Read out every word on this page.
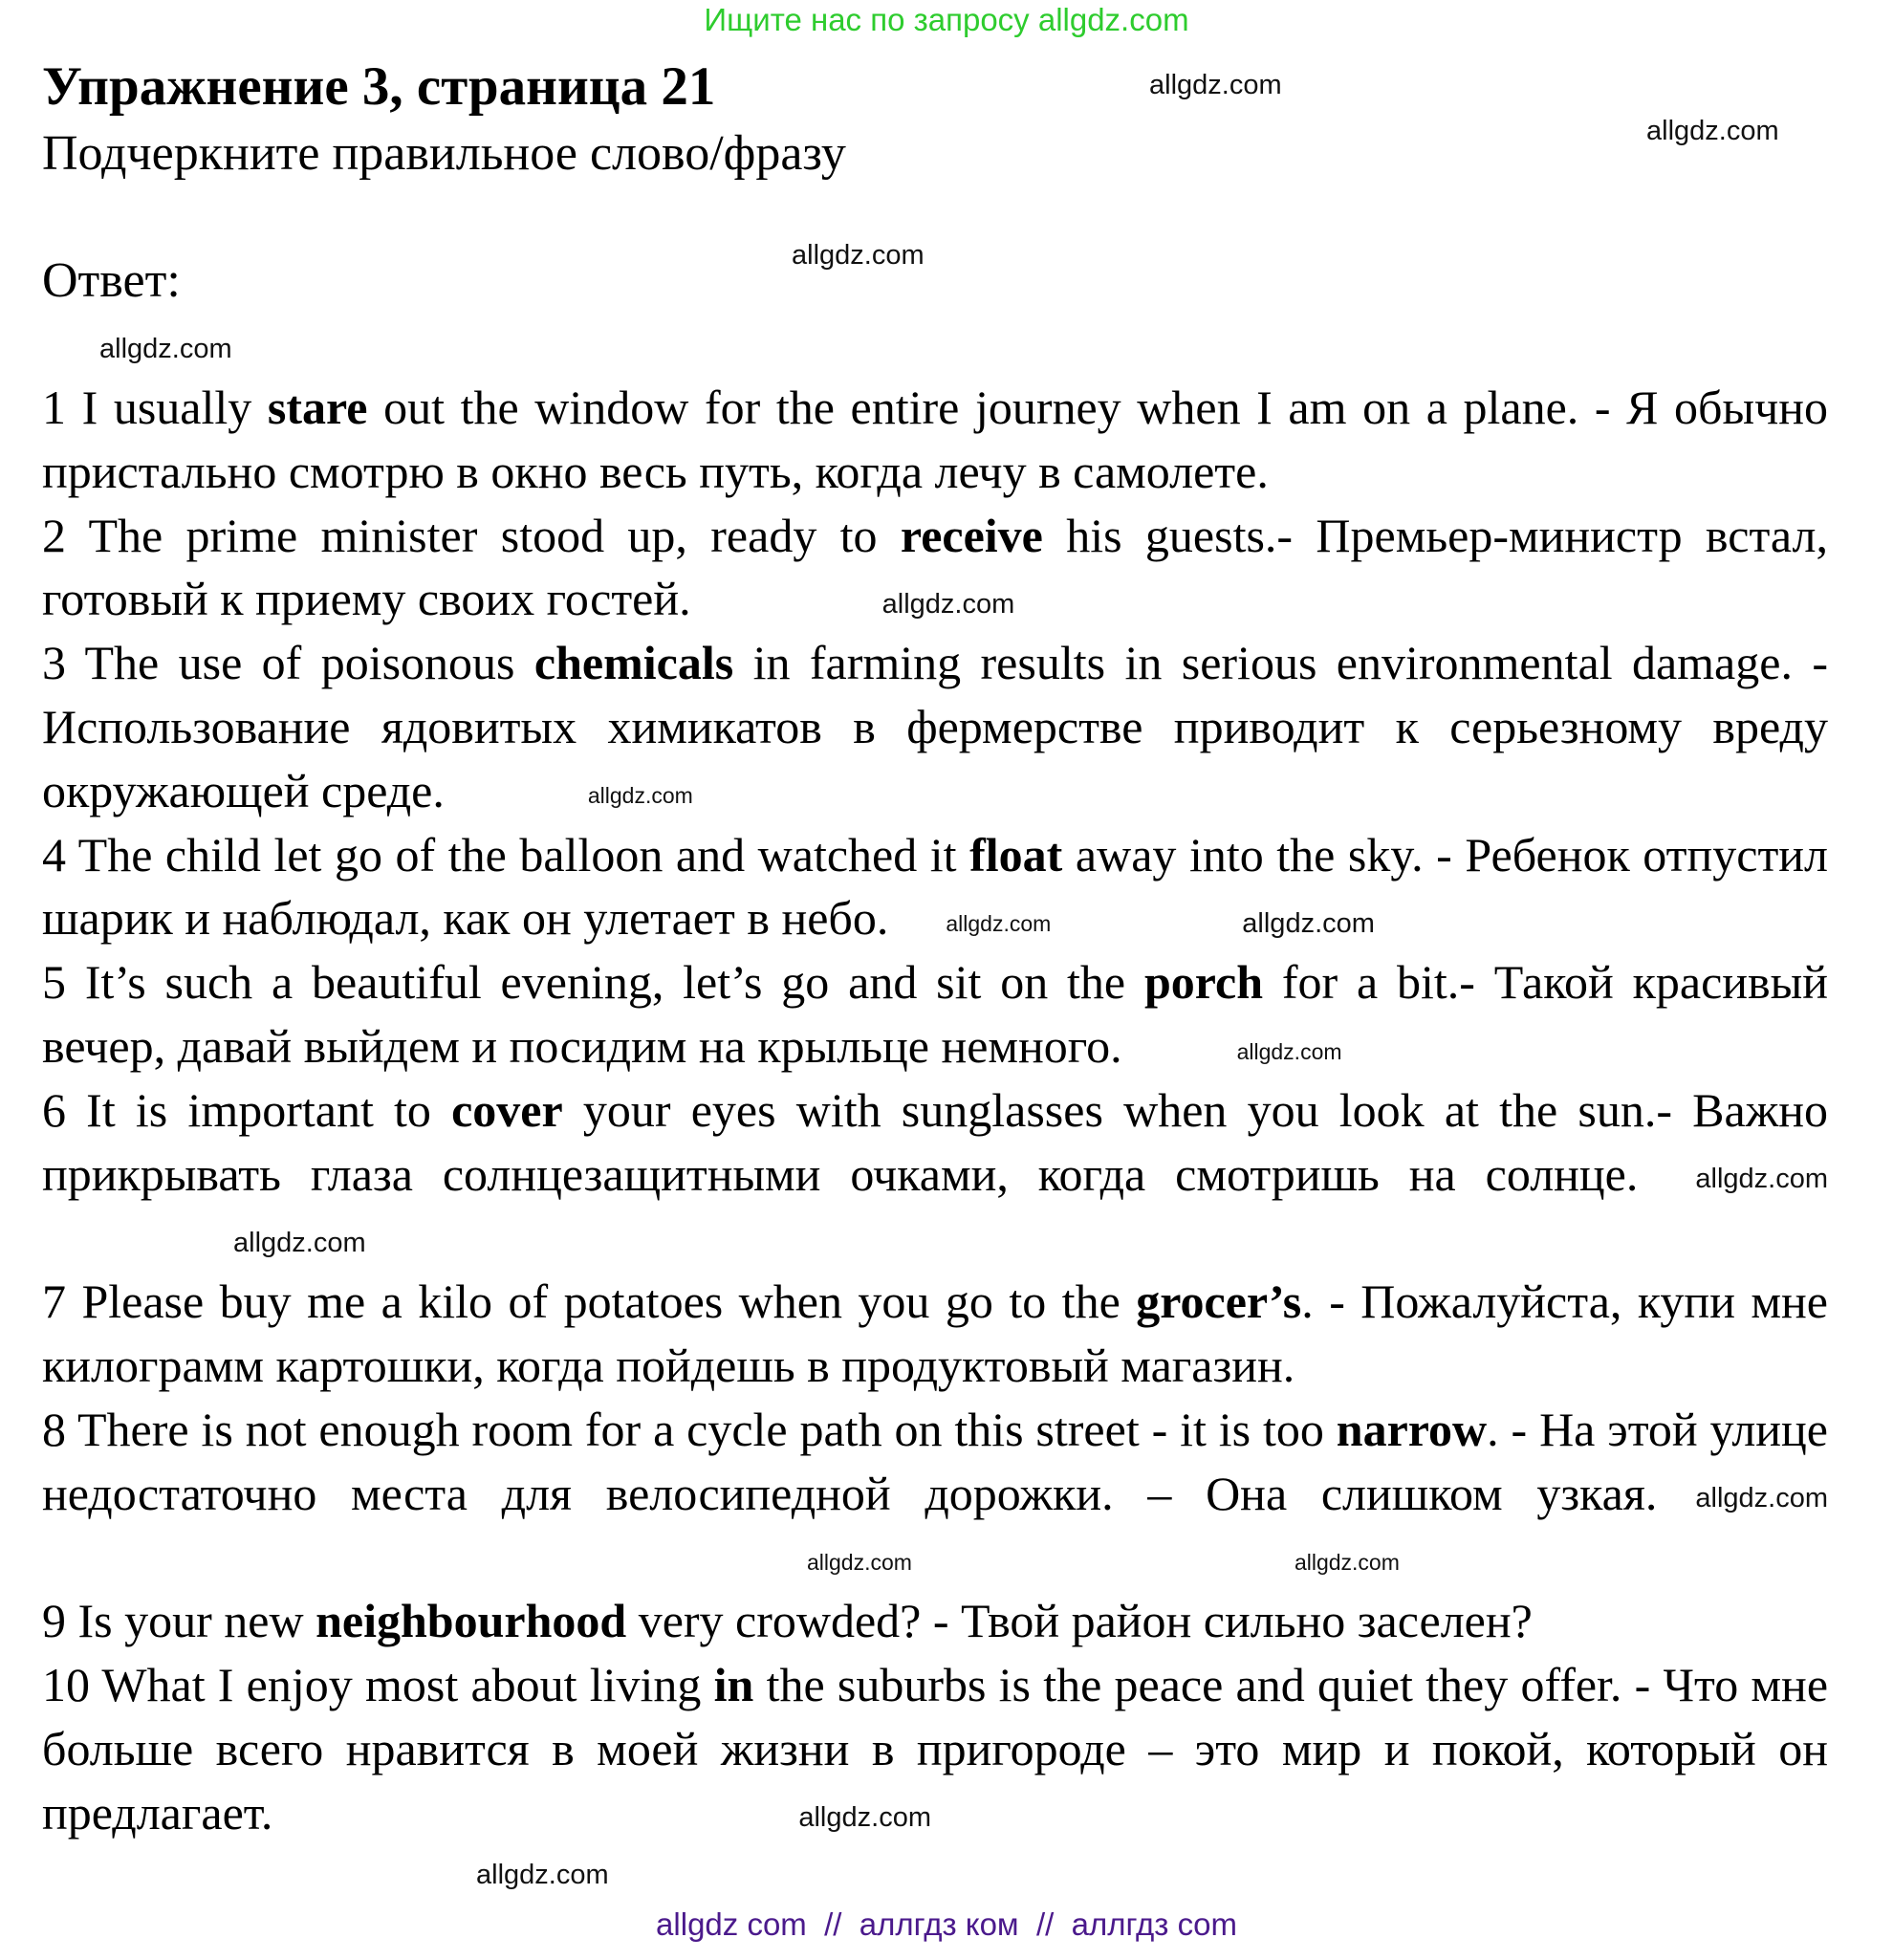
Ищите нас по запросу allgdz.com
Упражнение 3, страница 21
Подчеркните правильное слово/фразу
Ответ:

1 I usually stare out the window for the entire journey when I am on a plane. - Я обычно пристально смотрю в окно весь путь, когда лечу в самолете.

2 The prime minister stood up, ready to receive his guests.- Премьер-министр встал, готовый к приему своих гостей.	allgdz.com

3 The use of poisonous chemicals in farming results in serious environmental damage. - Использование ядовитых химикатов в фермерстве приводит к серьезному вреду окружающей среде.	allgdz.com

4 The child let go of the balloon and watched it float away into the sky. - Ребенок отпустил шарик и наблюдал, как он улетает в небо.	allgdz.com	allgdz.com

5 It’s such a beautiful evening, let’s go and sit on the porch for a bit.- Такой красивый вечер, давай выйдем и посидим на крыльце немного.	allgdz.com

6 It is important to cover your eyes with sunglasses when you look at the sun.- Важно прикрывать глаза солнцезащитными очками, когда смотришь на солнце. allgdz.comallgdz.com

7 Please buy me a kilo of potatoes when you go to the grocer’s. - Пожалуйста, купи мне килограмм картошки, когда пойдешь в продуктовый магазин.

8 There is not enough room for a cycle path on this street - it is too narrow. - На этой улице недостаточно места для велосипедной дорожки. – Она слишком узкая. allgdz.comallgdz.com	allgdz.com

9 Is your new neighbourhood very crowded? - Твой район сильно заселен?

10 What I enjoy most about living in the suburbs is the peace and quiet they offer. - Что мне больше всего нравится в моей жизни в пригороде – это мир и покой, который он предлагает.	allgdz.com

allgdz.com
allgdz.com
allgdz.com
allgdz.com
allgdz.com
allgdz com  //  аллгдз ком  //  аллгдз com
